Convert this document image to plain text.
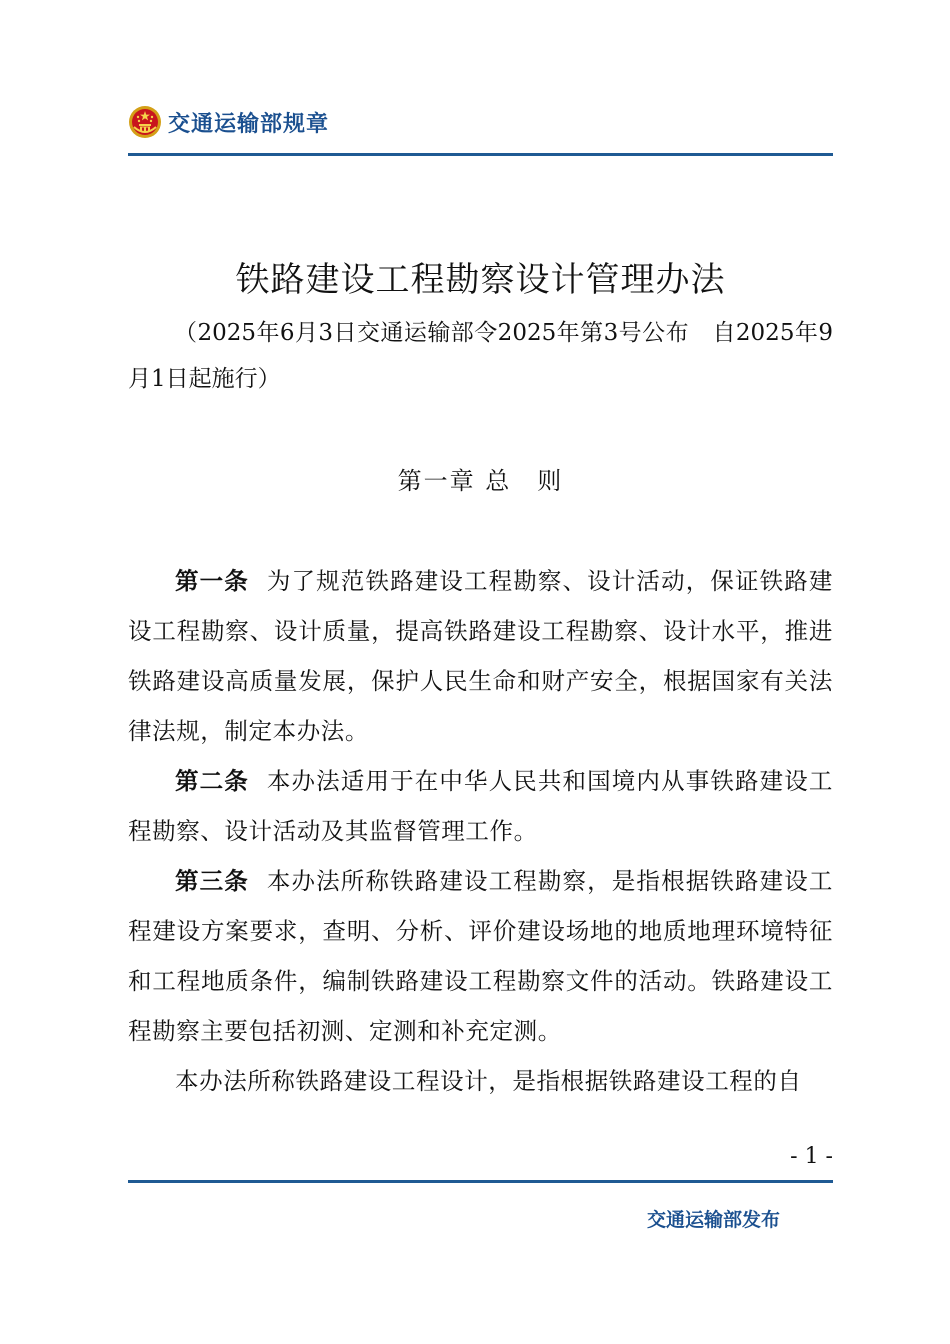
交通运输部规章
铁路建设工程勘察设计管理办法
（2025年6月3日交通运输部令2025年第3号公布　自2025年9月1日起施行）
第一章 总　则

第一条 为了规范铁路建设工程勘察、设计活动，保证铁路建设工程勘察、设计质量，提高铁路建设工程勘察、设计水平，推进铁路建设高质量发展，保护人民生命和财产安全，根据国家有关法律法规，制定本办法。

第二条 本办法适用于在中华人民共和国境内从事铁路建设工程勘察、设计活动及其监督管理工作。

第三条 本办法所称铁路建设工程勘察，是指根据铁路建设工程建设方案要求，查明、分析、评价建设场地的地质地理环境特征和工程地质条件，编制铁路建设工程勘察文件的活动。铁路建设工程勘察主要包括初测、定测和补充定测。

本办法所称铁路建设工程设计，是指根据铁路建设工程的自

- 1 -
交通运输部发布
